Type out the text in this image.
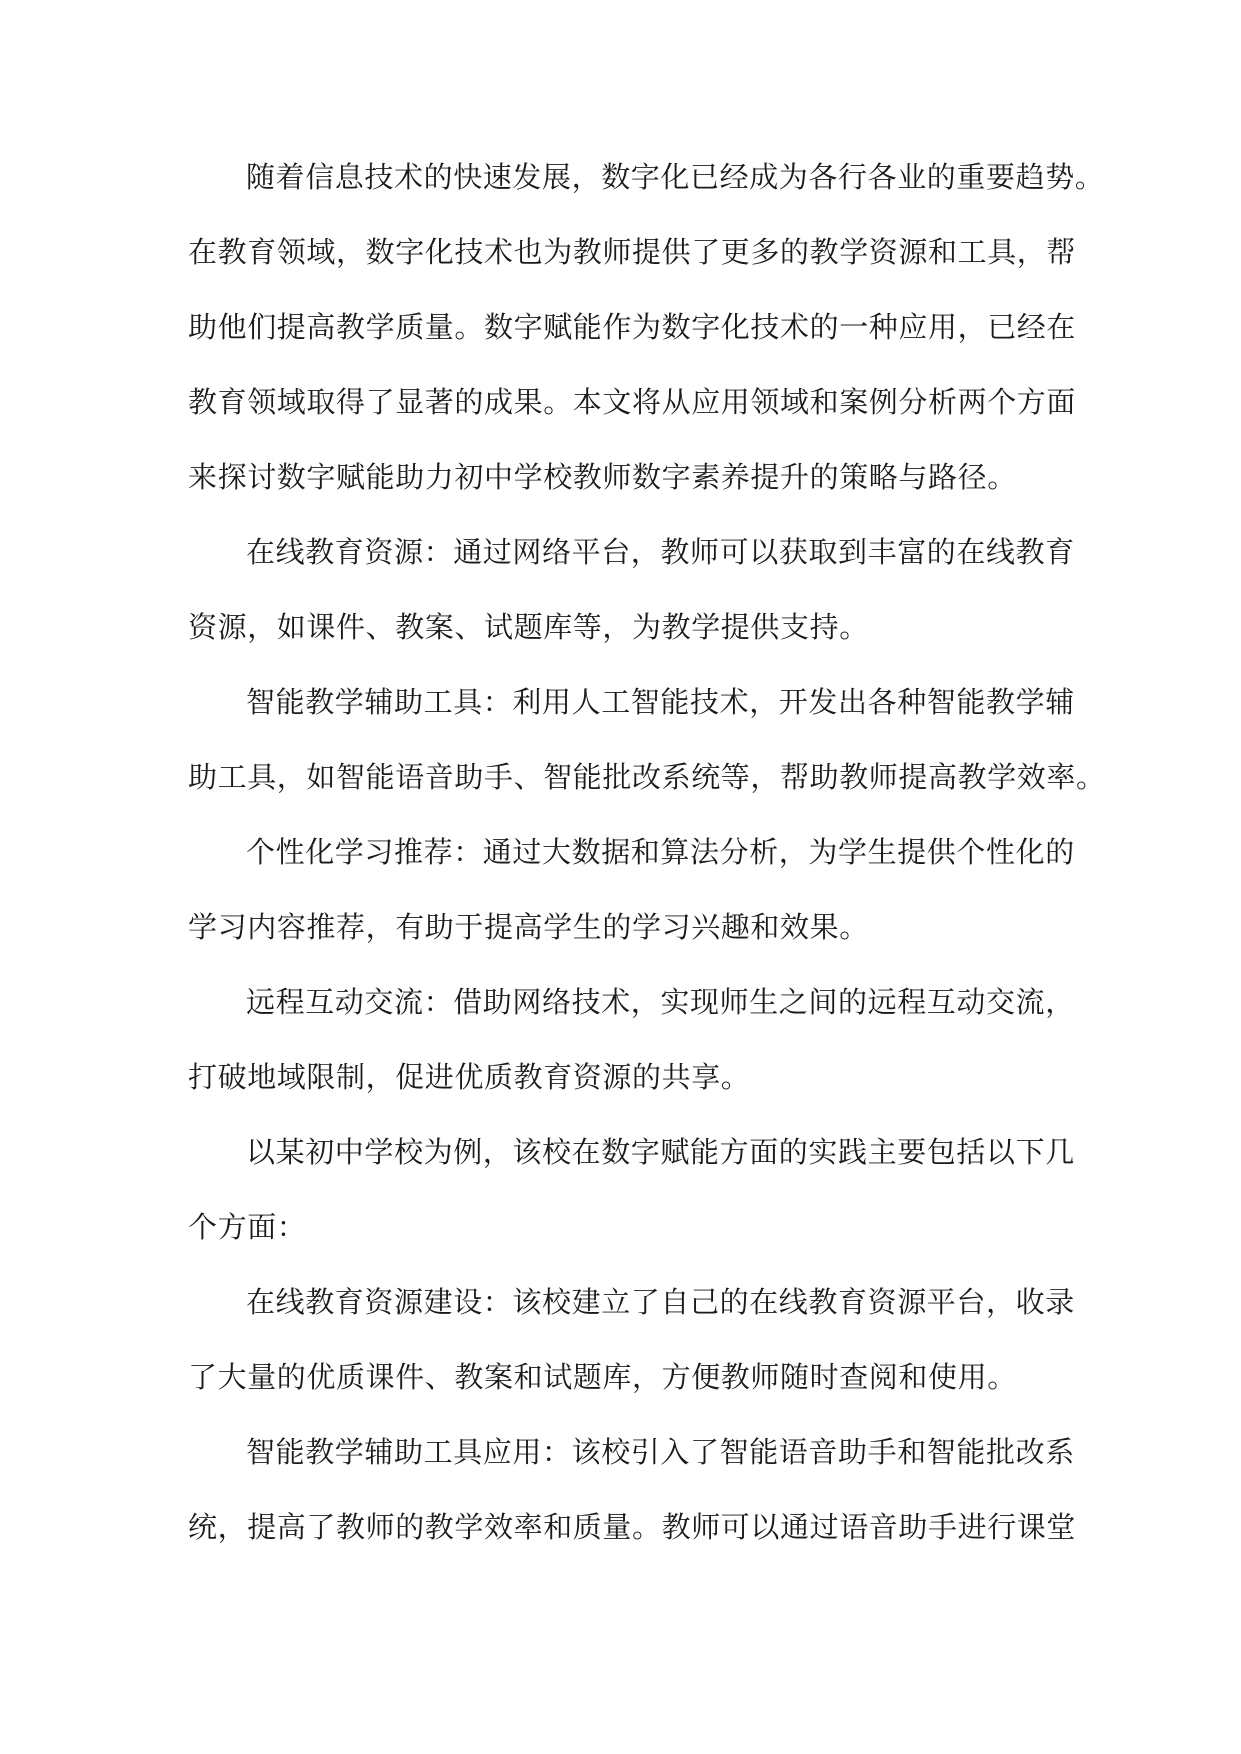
随着信息技术的快速发展，数字化已经成为各行各业的重要趋势。
在教育领域，数字化技术也为教师提供了更多的教学资源和工具，帮
助他们提高教学质量。数字赋能作为数字化技术的一种应用，已经在
教育领域取得了显著的成果。本文将从应用领域和案例分析两个方面
来探讨数字赋能助力初中学校教师数字素养提升的策略与路径。
在线教育资源：通过网络平台，教师可以获取到丰富的在线教育
资源，如课件、教案、试题库等，为教学提供支持。
智能教学辅助工具：利用人工智能技术，开发出各种智能教学辅
助工具，如智能语音助手、智能批改系统等，帮助教师提高教学效率。
个性化学习推荐：通过大数据和算法分析，为学生提供个性化的
学习内容推荐，有助于提高学生的学习兴趣和效果。
远程互动交流：借助网络技术，实现师生之间的远程互动交流，
打破地域限制，促进优质教育资源的共享。
以某初中学校为例，该校在数字赋能方面的实践主要包括以下几
个方面：
在线教育资源建设：该校建立了自己的在线教育资源平台，收录
了大量的优质课件、教案和试题库，方便教师随时查阅和使用。
智能教学辅助工具应用：该校引入了智能语音助手和智能批改系
统，提高了教师的教学效率和质量。教师可以通过语音助手进行课堂
